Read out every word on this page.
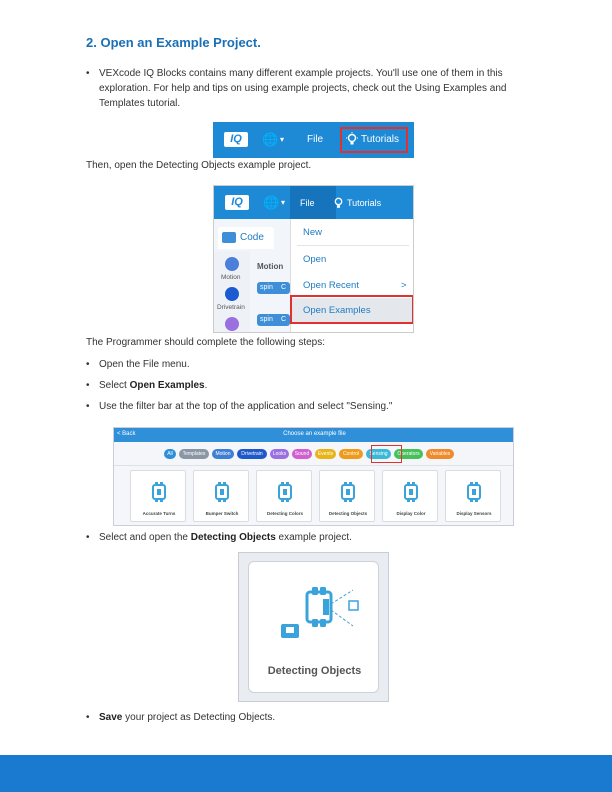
2. Open an Example Project.
• VEXcode IQ Blocks contains many different example projects. You'll use one of them in this exploration. For help and tips on using example projects, check out the Using Examples and Templates tutorial.
IQ	🌐 ▾ File	Tutorials
Then, open the Detecting Objects example project.
IQ	🌐 ▾ File	Tutorials
Code
Motion
Drivetrain
Motion
spin C
spin C
New
Open
Open Recent	>
Open Examples
The Programmer should complete the following steps:
• Open the File menu.
• Select Open Examples.
• Use the filter bar at the top of the application and select "Sensing."
< Back	Choose an example file
All	Templates	Motion	Drivetrain	Looks	Sound	Events	Control	Sensing	Operators	Variables
Accurate Turns	Bumper Switch	Detecting Colors	Detecting Objects	Display Color	Display Sensors
• Select and open the Detecting Objects example project.
Detecting Objects
• Save your project as Detecting Objects.
